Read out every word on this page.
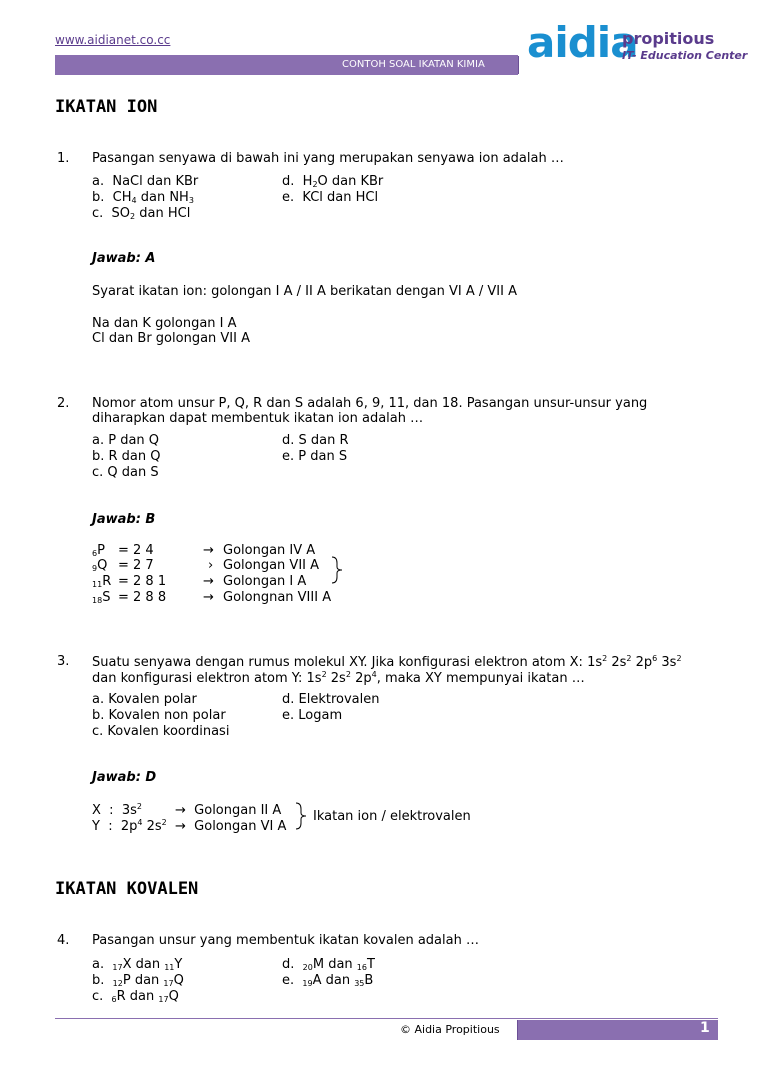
www.aidianet.co.cc
CONTOH SOAL IKATAN KIMIA aidia
propitious
IT- Education Center
IKATAN ION
1. Pasangan senyawa di bawah ini yang merupakan senyawa ion adalah …
a.  NaCl dan KBr
b.  $CH_4$ dan $NH_3$
c.  $SO_2$ dan HCl
d.  $H_2O$ dan KBr
e.  KCl dan HCl
Jawab: A
Syarat ikatan ion: golongan I A / II A berikatan dengan VI A / VII A
Na dan K golongan I A
Cl dan Br golongan VII A
2. Nomor atom unsur P, Q, R dan S adalah 6, 9, 11, dan 18. Pasangan unsur-unsur yang
diharapkan dapat membentuk ikatan ion adalah …
a. P dan Q
b. R dan Q
c. Q dan S
d. S dan R
e. P dan S
Jawab: B
$_6$P = 2 4	→ Golongan IV A
$_9$Q = 2 7	› Golongan VII A
$_{11}$R = 2 8 1	→ Golongan I A
$_{18}$S = 2 8 8	→ Golongnan VIII A
3. Suatu senyawa dengan rumus molekul XY. Jika konfigurasi elektron atom X: $1s^2$ $2s^2$ $2p^6$ $3s^2$
dan konfigurasi elektron atom Y: $1s^2$ $2s^2$ $2p^4$, maka XY mempunyai ikatan …
a. Kovalen polar
b. Kovalen non polar
c. Kovalen koordinasi
d. Elektrovalen
e. Logam
Jawab: D
X  :  $3s^2$        →  Golongan II A
Y  :  $2p^4$ $2s^2$  →  Golongan VI A
Ikatan ion / elektrovalen
IKATAN KOVALEN
4. Pasangan unsur yang membentuk ikatan kovalen adalah …
a.  $_{17}$X dan $_{11}$Y
b.  $_{12}$P dan $_{17}$Q
c.  $_6$R dan $_{17}$Q
d.  $_{20}$M dan $_{16}$T
e.  $_{19}$A dan $_{35}$B
© Aidia Propitious	1
